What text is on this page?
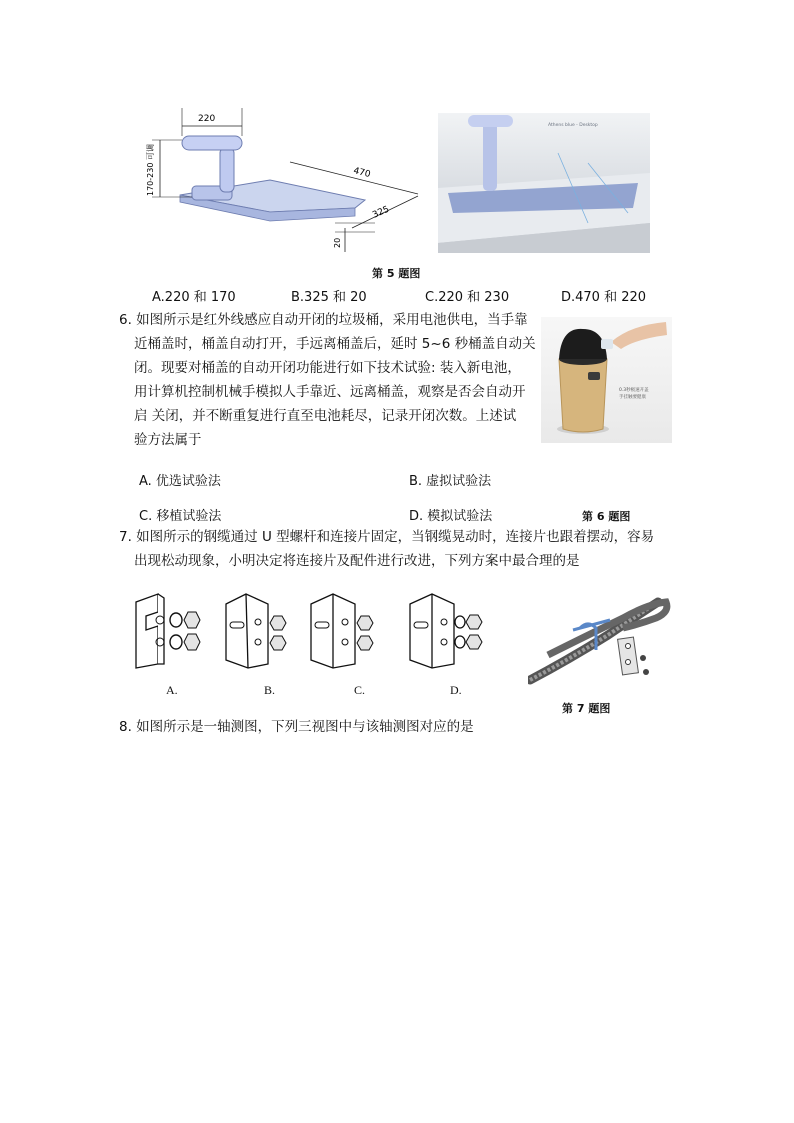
220
170-230 可调	470
325
20
Athens blue - Desktop
第 5 题图
A.220 和 170	B.325 和 20	C.220 和 230	D.470 和 220
6. 如图所示是红外线感应自动开闭的垃圾桶，采用电池供电，当手靠
近桶盖时，桶盖自动打开，手远离桶盖后，延时 5~6 秒桶盖自动关
闭。现要对桶盖的自动开闭功能进行如下技术试验: 装入新电池，
用计算机控制机械手模拟人手靠近、远离桶盖，观察是否会自动开
启 关闭，并不断重复进行直至电池耗尽，记录开闭次数。上述试
验方法属于
0.3秒极速开盖
手挂触要健康
A. 优选试验法	B. 虚拟试验法
C. 移植试验法	D. 模拟试验法	第 6 题图
7. 如图所示的钢缆通过 U 型螺杆和连接片固定，当钢缆晃动时，连接片也跟着摆动，容易
出现松动现象，小明决定将连接片及配件进行改进，下列方案中最合理的是
A.	B.	C.	D.
第 7 题图
8. 如图所示是一轴测图，下列三视图中与该轴测图对应的是
